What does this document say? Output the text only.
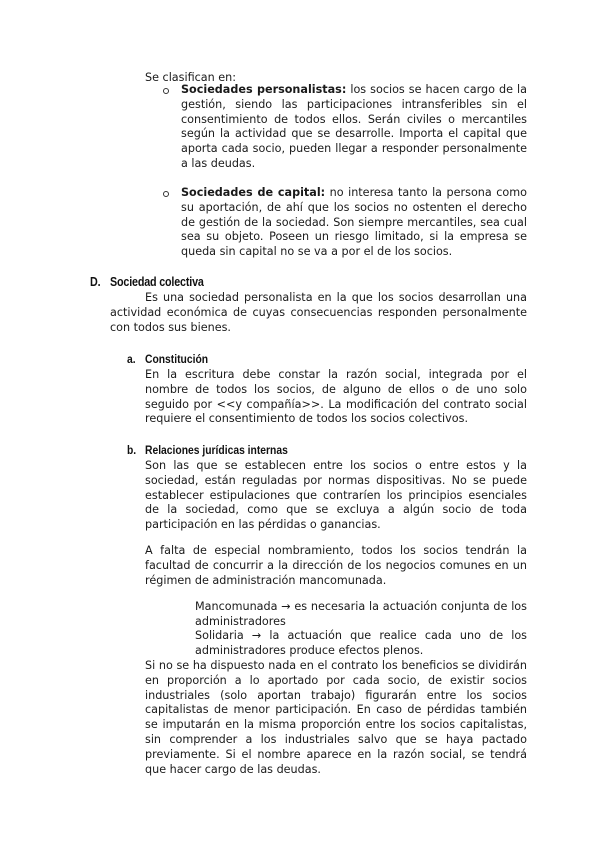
Se clasifican en:

Sociedades personalistas: los socios se hacen cargo de la gestión, siendo las participaciones intransferibles sin el consentimiento de todos ellos. Serán civiles o mercantiles según la actividad que se desarrolle. Importa el capital que aporta cada socio, pueden llegar a responder personalmente a las deudas.

Sociedades de capital: no interesa tanto la persona como su aportación, de ahí que los socios no ostenten el derecho de gestión de la sociedad. Son siempre mercantiles, sea cual sea su objeto. Poseen un riesgo limitado, si la empresa se queda sin capital no se va a por el de los socios.

D. Sociedad colectiva

Es una sociedad personalista en la que los socios desarrollan una actividad económica de cuyas consecuencias responden personalmente con todos sus bienes.

a. Constitución

En la escritura debe constar la razón social, integrada por el nombre de todos los socios, de alguno de ellos o de uno solo seguido por <<y compañía>>. La modificación del contrato social requiere el consentimiento de todos los socios colectivos.

b. Relaciones jurídicas internas

Son las que se establecen entre los socios o entre estos y la sociedad, están reguladas por normas dispositivas. No se puede establecer estipulaciones que contraríen los principios esenciales de la sociedad, como que se excluya a algún socio de toda participación en las pérdidas o ganancias.

A falta de especial nombramiento, todos los socios tendrán la facultad de concurrir a la dirección de los negocios comunes en un régimen de administración mancomunada.

Mancomunada → es necesaria la actuación conjunta de los administradores

Solidaria → la actuación que realice cada uno de los administradores produce efectos plenos.

Si no se ha dispuesto nada en el contrato los beneficios se dividirán en proporción a lo aportado por cada socio, de existir socios industriales (solo aportan trabajo) figurarán entre los socios capitalistas de menor participación. En caso de pérdidas también se imputarán en la misma proporción entre los socios capitalistas, sin comprender a los industriales salvo que se haya pactado previamente. Si el nombre aparece en la razón social, se tendrá que hacer cargo de las deudas.
